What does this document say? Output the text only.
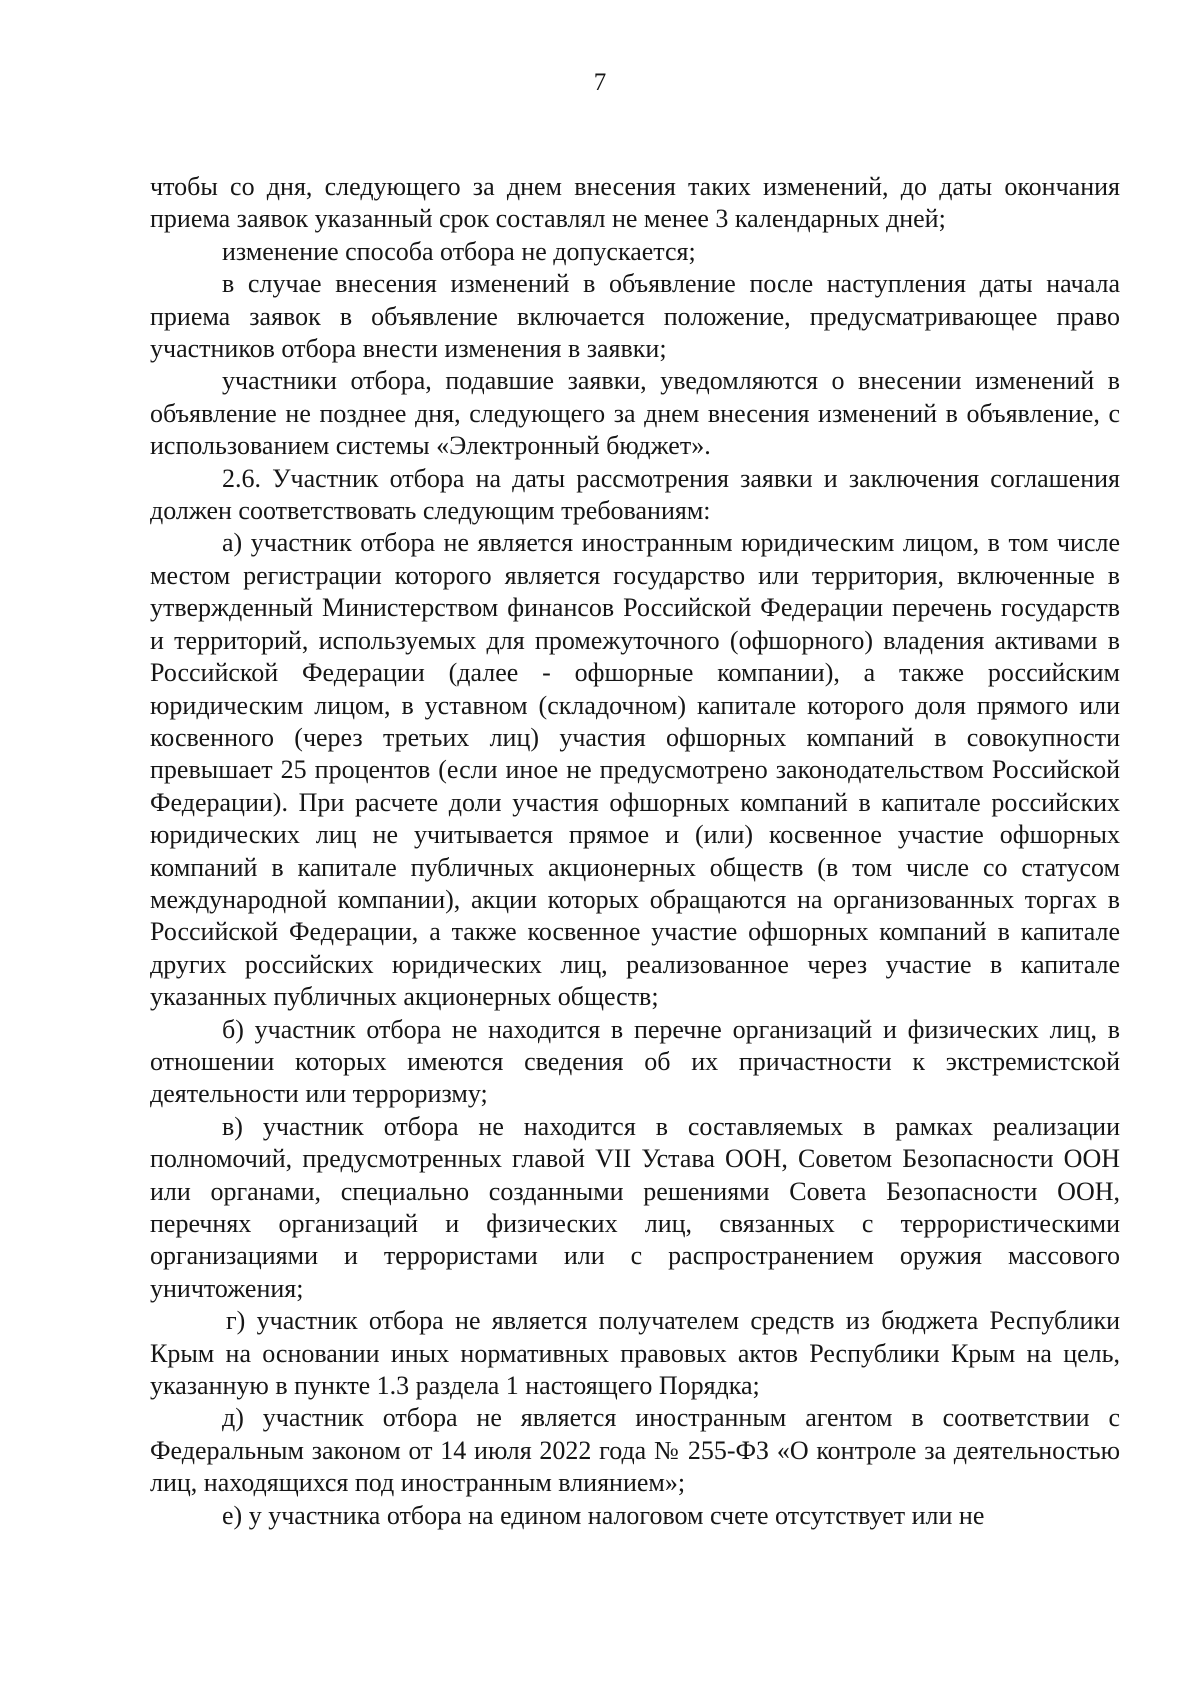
7

чтобы со дня, следующего за днем внесения таких изменений, до даты окончания приема заявок указанный срок составлял не менее 3 календарных дней;

изменение способа отбора не допускается;

в случае внесения изменений в объявление после наступления даты начала приема заявок в объявление включается положение, предусматривающее право участников отбора внести изменения в заявки;

участники отбора, подавшие заявки, уведомляются о внесении изменений в объявление не позднее дня, следующего за днем внесения изменений в объявление, с использованием системы «Электронный бюджет».

2.6. Участник отбора на даты рассмотрения заявки и заключения соглашения должен соответствовать следующим требованиям:

а) участник отбора не является иностранным юридическим лицом, в том числе местом регистрации которого является государство или территория, включенные в утвержденный Министерством финансов Российской Федерации перечень государств и территорий, используемых для промежуточного (офшорного) владения активами в Российской Федерации (далее - офшорные компании), а также российским юридическим лицом, в уставном (складочном) капитале которого доля прямого или косвенного (через третьих лиц) участия офшорных компаний в совокупности превышает 25 процентов (если иное не предусмотрено законодательством Российской Федерации). При расчете доли участия офшорных компаний в капитале российских юридических лиц не учитывается прямое и (или) косвенное участие офшорных компаний в капитале публичных акционерных обществ (в том числе со статусом международной компании), акции которых обращаются на организованных торгах в Российской Федерации, а также косвенное участие офшорных компаний в капитале других российских юридических лиц, реализованное через участие в капитале указанных публичных акционерных обществ;

б) участник отбора не находится в перечне организаций и физических лиц, в отношении которых имеются сведения об их причастности к экстремистской деятельности или терроризму;

в) участник отбора не находится в составляемых в рамках реализации полномочий, предусмотренных главой VII Устава ООН, Советом Безопасности ООН или органами, специально созданными решениями Совета Безопасности ООН, перечнях организаций и физических лиц, связанных с террористическими организациями и террористами или с распространением оружия массового уничтожения;

г) участник отбора не является получателем средств из бюджета Республики Крым на основании иных нормативных правовых актов Республики Крым на цель, указанную в пункте 1.3 раздела 1 настоящего Порядка;

д) участник отбора не является иностранным агентом в соответствии с Федеральным законом от 14 июля 2022 года № 255-ФЗ «О контроле за деятельностью лиц, находящихся под иностранным влиянием»;

е) у участника отбора на едином налоговом счете отсутствует или не
